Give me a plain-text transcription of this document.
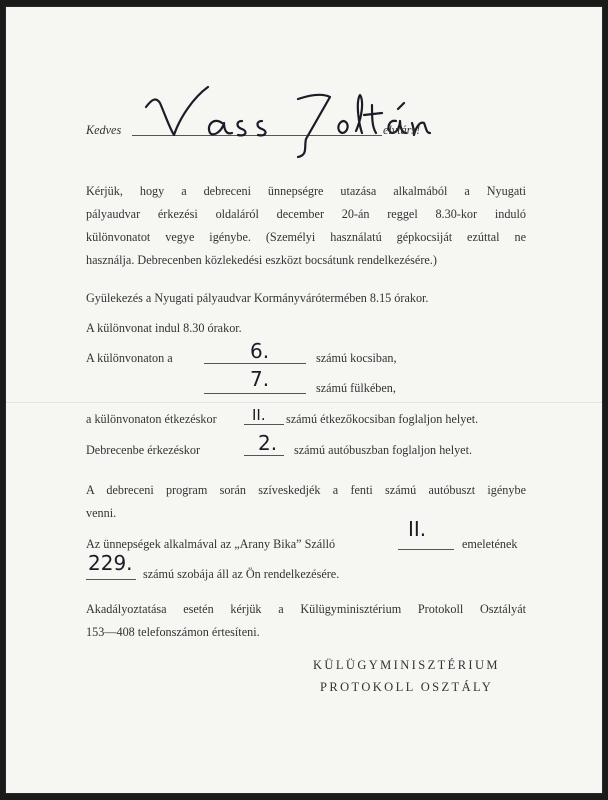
Kedves	elvtárs!
Kérjük, hogy a debreceni ünnepségre utazása alkalmából a Nyugati
pályaudvar érkezési oldaláról december 20-án reggel 8.30-kor induló
különvonatot vegye igénybe. (Személyi használatú gépkocsiját ezúttal ne
használja. Debrecenben közlekedési eszközt bocsátunk rendelkezésére.)
Gyülekezés a Nyugati pályaudvar Kormányvárótermében 8.15 órakor.
A különvonat indul 8.30 órakor.
A különvonaton a	6.	számú kocsiban,
7.	számú fülkében,
a különvonaton étkezéskor II. számú étkezőkocsiban foglaljon helyet.
Debrecenbe érkezéskor	2. számú autóbuszban foglaljon helyet.
A debreceni program során szíveskedjék a fenti számú autóbuszt igénybe
venni.
Az ünnepségek alkalmával az „Arany Bika” Szálló
II.
emeletének
229. számú szobája áll az Ön rendelkezésére.
Akadályoztatása esetén kérjük a Külügyminisztérium Protokoll Osztályát
153—408 telefonszámon értesíteni.
KÜLÜGYMINISZTÉRIUM
PROTOKOLL OSZTÁLY
